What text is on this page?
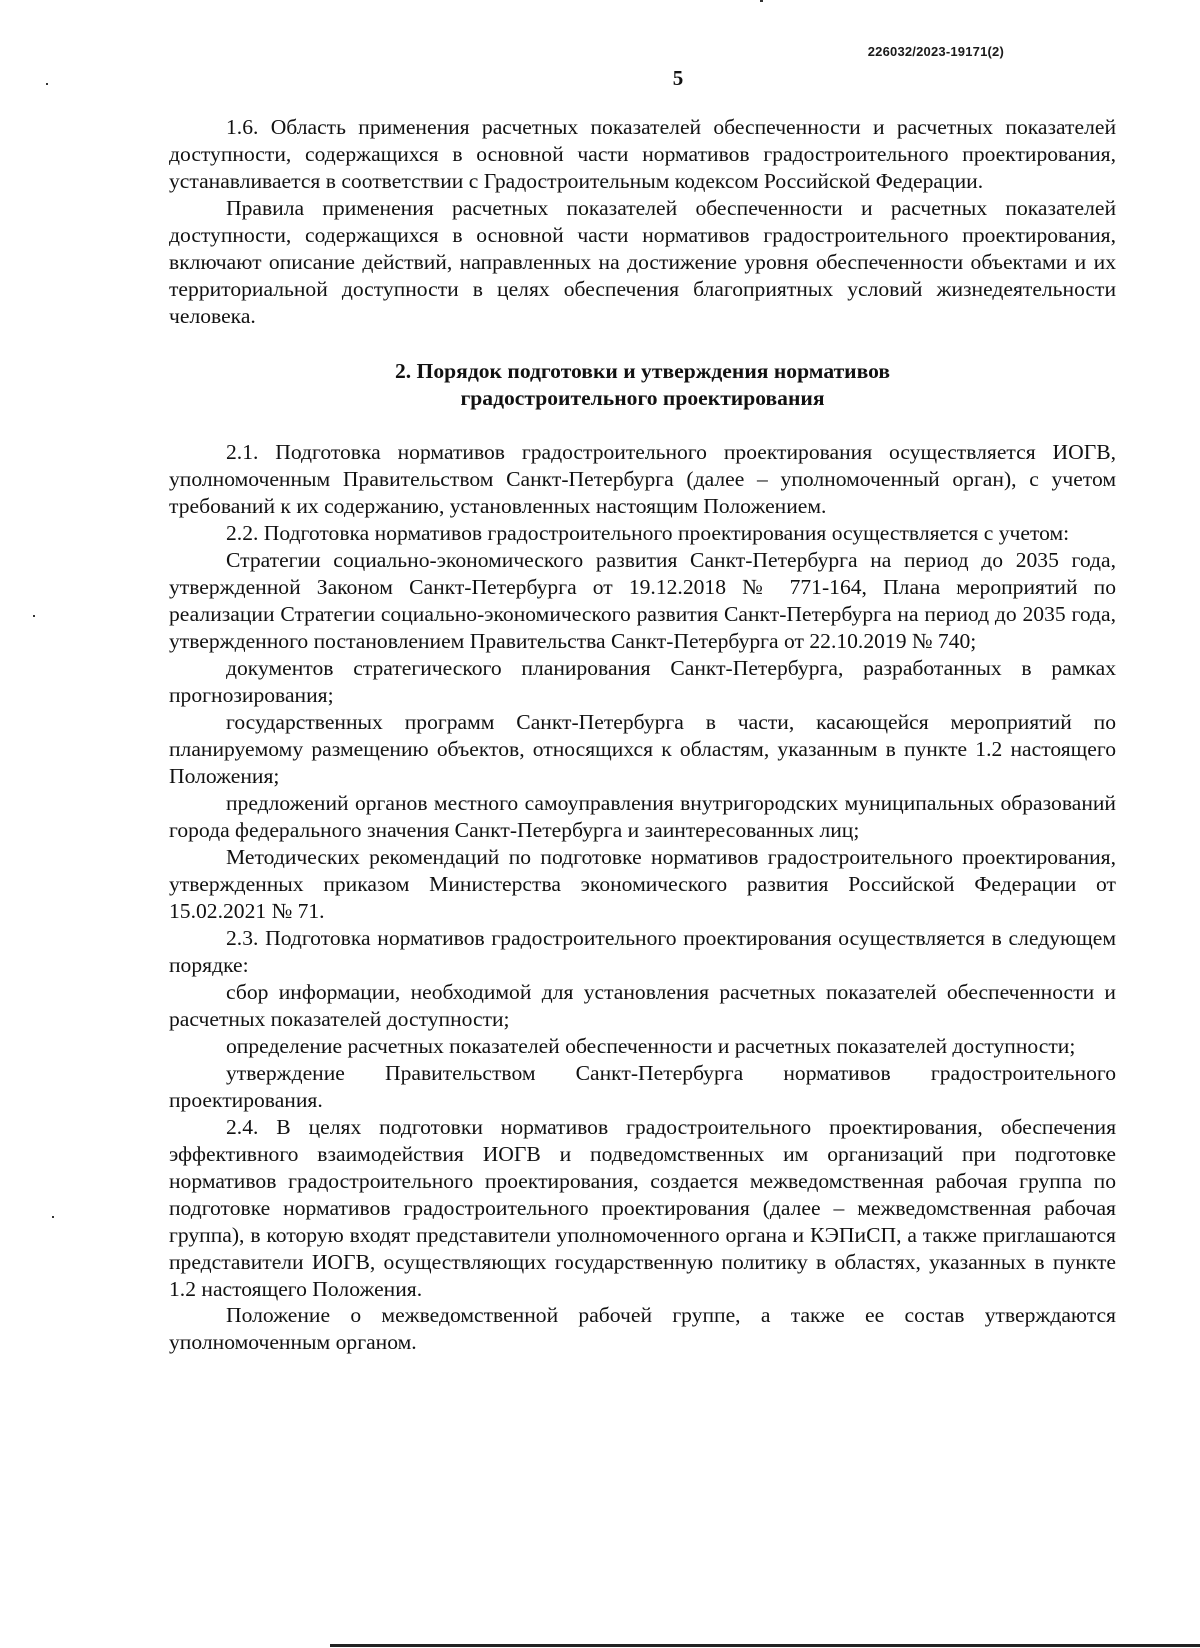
226032/2023-19171(2)
5

1.6. Область применения расчетных показателей обеспеченности и расчетных показателей доступности, содержащихся в основной части нормативов градостроительного проектирования, устанавливается в соответствии с Градостроительным кодексом Российской Федерации.

Правила применения расчетных показателей обеспеченности и расчетных показателей доступности, содержащихся в основной части нормативов градостроительного проектирования, включают описание действий, направленных на достижение уровня обеспеченности объектами и их территориальной доступности в целях обеспечения благоприятных условий жизнедеятельности человека.

2. Порядок подготовки и утверждения нормативов
градостроительного проектирования

2.1. Подготовка нормативов градостроительного проектирования осуществляется ИОГВ, уполномоченным Правительством Санкт-Петербурга (далее – уполномоченный орган), с учетом требований к их содержанию, установленных настоящим Положением.

2.2. Подготовка нормативов градостроительного проектирования осуществляется с учетом:

Стратегии социально-экономического развития Санкт-Петербурга на период до 2035 года, утвержденной Законом Санкт-Петербурга от 19.12.2018 № 771-164, Плана мероприятий по реализации Стратегии социально-экономического развития Санкт-Петербурга на период до 2035 года, утвержденного постановлением Правительства Санкт-Петербурга от 22.10.2019 № 740;

документов стратегического планирования Санкт-Петербурга, разработанных в рамках прогнозирования;

государственных программ Санкт-Петербурга в части, касающейся мероприятий по планируемому размещению объектов, относящихся к областям, указанным в пункте 1.2 настоящего Положения;

предложений органов местного самоуправления внутригородских муниципальных образований города федерального значения Санкт-Петербурга и заинтересованных лиц;

Методических рекомендаций по подготовке нормативов градостроительного проектирования, утвержденных приказом Министерства экономического развития Российской Федерации от 15.02.2021 № 71.

2.3. Подготовка нормативов градостроительного проектирования осуществляется в следующем порядке:

сбор информации, необходимой для установления расчетных показателей обеспеченности и расчетных показателей доступности;

определение расчетных показателей обеспеченности и расчетных показателей доступности;

утверждение Правительством Санкт-Петербурга нормативов градостроительного проектирования.

2.4. В целях подготовки нормативов градостроительного проектирования, обеспечения эффективного взаимодействия ИОГВ и подведомственных им организаций при подготовке нормативов градостроительного проектирования, создается межведомственная рабочая группа по подготовке нормативов градостроительного проектирования (далее – межведомственная рабочая группа), в которую входят представители уполномоченного органа и КЭПиСП, а также приглашаются представители ИОГВ, осуществляющих государственную политику в областях, указанных в пункте 1.2 настоящего Положения.

Положение о межведомственной рабочей группе, а также ее состав утверждаются уполномоченным органом.
